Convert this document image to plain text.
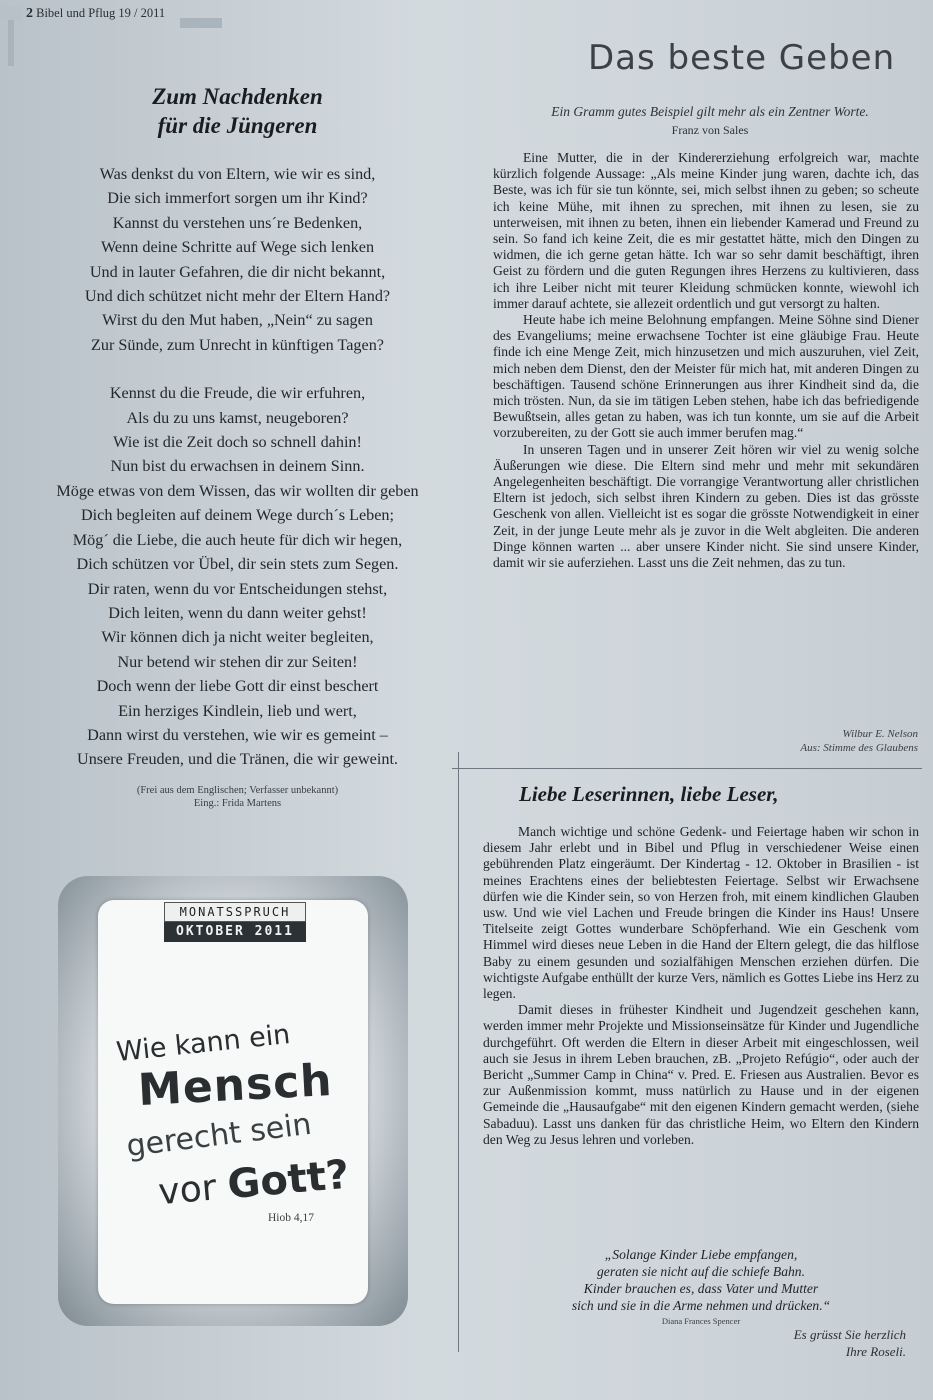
2 Bibel und Pflug 19 / 2011
Zum Nachdenken
für die Jüngeren
Was denkst du von Eltern, wie wir es sind,
Die sich immerfort sorgen um ihr Kind?
Kannst du verstehen uns´re Bedenken,
Wenn deine Schritte auf Wege sich lenken
Und in lauter Gefahren, die dir nicht bekannt,
Und dich schützet nicht mehr der Eltern Hand?
Wirst du den Mut haben, „Nein“ zu sagen
Zur Sünde, zum Unrecht in künftigen Tagen?
Kennst du die Freude, die wir erfuhren,
Als du zu uns kamst, neugeboren?
Wie ist die Zeit doch so schnell dahin!
Nun bist du erwachsen in deinem Sinn.
Möge etwas von dem Wissen, das wir wollten dir geben
Dich begleiten auf deinem Wege durch´s Leben;
Mög´ die Liebe, die auch heute für dich wir hegen,
Dich schützen vor Übel, dir sein stets zum Segen.
Dir raten, wenn du vor Entscheidungen stehst,
Dich leiten, wenn du dann weiter gehst!
Wir können dich ja nicht weiter begleiten,
Nur betend wir stehen dir zur Seiten!
Doch wenn der liebe Gott dir einst beschert
Ein herziges Kindlein, lieb und wert,
Dann wirst du verstehen, wie wir es gemeint –
Unsere Freuden, und die Tränen, die wir geweint.
(Frei aus dem Englischen; Verfasser unbekannt)
Eing.: Frida Martens
MONATSSPRUCH
OKTOBER 2011
Wie kann ein
Mensch
gerecht sein
vor Gott?
Hiob 4,17
Das beste Geben
Ein Gramm gutes Beispiel gilt mehr als ein Zentner Worte.
Franz von Sales

Eine Mutter, die in der Kindererziehung erfolgreich war, machte kürzlich folgende Aussage: „Als meine Kinder jung waren, dachte ich, das Beste, was ich für sie tun könnte, sei, mich selbst ihnen zu geben; so scheute ich keine Mühe, mit ihnen zu sprechen, mit ihnen zu lesen, sie zu unterweisen, mit ihnen zu beten, ihnen ein liebender Kamerad und Freund zu sein. So fand ich keine Zeit, die es mir gestattet hätte, mich den Dingen zu widmen, die ich gerne getan hätte. Ich war so sehr damit beschäftigt, ihren Geist zu fördern und die guten Regungen ihres Herzens zu kultivieren, dass ich ihre Leiber nicht mit teurer Kleidung schmücken konnte, wiewohl ich immer darauf achtete, sie allezeit ordentlich und gut versorgt zu halten.

Heute habe ich meine Belohnung empfangen. Meine Söhne sind Diener des Evangeliums; meine erwachsene Tochter ist eine gläubige Frau. Heute finde ich eine Menge Zeit, mich hinzusetzen und mich auszuruhen, viel Zeit, mich neben dem Dienst, den der Meister für mich hat, mit anderen Dingen zu beschäftigen. Tausend schöne Erinnerungen aus ihrer Kindheit sind da, die mich trösten. Nun, da sie im tätigen Leben stehen, habe ich das befriedigende Bewußtsein, alles getan zu haben, was ich tun konnte, um sie auf die Arbeit vorzubereiten, zu der Gott sie auch immer berufen mag.“

In unseren Tagen und in unserer Zeit hören wir viel zu wenig solche Äußerungen wie diese. Die Eltern sind mehr und mehr mit sekundären Angelegenheiten beschäftigt. Die vorrangige Verantwortung aller christlichen Eltern ist jedoch, sich selbst ihren Kindern zu geben. Dies ist das grösste Geschenk von allen. Vielleicht ist es sogar die grösste Notwendigkeit in einer Zeit, in der junge Leute mehr als je zuvor in die Welt abgleiten. Die anderen Dinge können warten ... aber unsere Kinder nicht. Sie sind unsere Kinder, damit wir sie auferziehen. Lasst uns die Zeit nehmen, das zu tun.

Wilbur E. Nelson
Aus: Stimme des Glaubens
Liebe Leserinnen, liebe Leser,

Manch wichtige und schöne Gedenk- und Feiertage haben wir schon in diesem Jahr erlebt und in Bibel und Pflug in verschiedener Weise einen gebührenden Platz eingeräumt. Der Kindertag - 12. Oktober in Brasilien - ist meines Erachtens eines der beliebtesten Feiertage. Selbst wir Erwachsene dürfen wie die Kinder sein, so von Herzen froh, mit einem kindlichen Glauben usw. Und wie viel Lachen und Freude bringen die Kinder ins Haus! Unsere Titelseite zeigt Gottes wunderbare Schöpferhand. Wie ein Geschenk vom Himmel wird dieses neue Leben in die Hand der Eltern gelegt, die das hilflose Baby zu einem gesunden und sozialfähigen Menschen erziehen dürfen. Die wichtigste Aufgabe enthüllt der kurze Vers, nämlich es Gottes Liebe ins Herz zu legen.

Damit dieses in frühester Kindheit und Jugendzeit geschehen kann, werden immer mehr Projekte und Missionseinsätze für Kinder und Jugendliche durchgeführt. Oft werden die Eltern in dieser Arbeit mit eingeschlossen, weil auch sie Jesus in ihrem Leben brauchen, zB. „Projeto Refúgio“, oder auch der Bericht „Summer Camp in China“ v. Pred. E. Friesen aus Australien. Bevor es zur Außenmission kommt, muss natürlich zu Hause und in der eigenen Gemeinde die „Hausaufgabe“ mit den eigenen Kindern gemacht werden, (siehe Sabaduu). Lasst uns danken für das christliche Heim, wo Eltern den Kindern den Weg zu Jesus lehren und vorleben.

„Solange Kinder Liebe empfangen,
geraten sie nicht auf die schiefe Bahn.
Kinder brauchen es, dass Vater und Mutter
sich und sie in die Arme nehmen und drücken.“
Diana Frances Spencer
Es grüsst Sie herzlich
Ihre Roseli.
